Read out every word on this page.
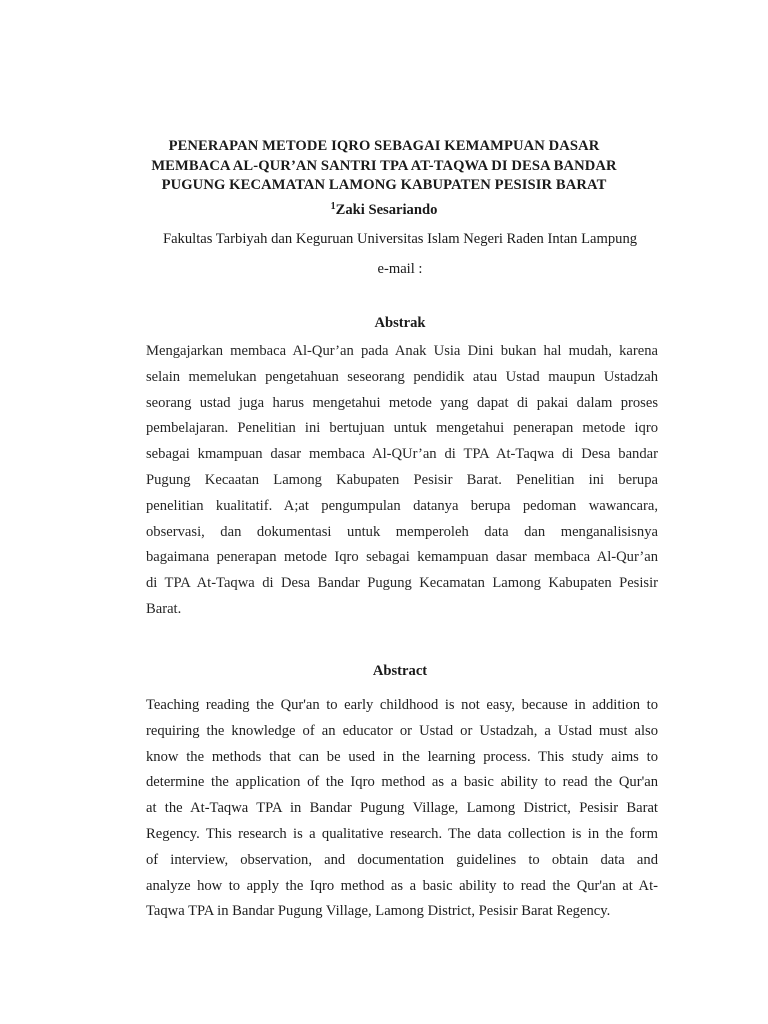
PENERAPAN METODE IQRO SEBAGAI KEMAMPUAN DASAR
MEMBACA AL-QUR’AN SANTRI TPA AT-TAQWA DI DESA BANDAR
PUGUNG KECAMATAN LAMONG KABUPATEN PESISIR BARAT

$^1$Zaki Sesariando

Fakultas Tarbiyah dan Keguruan Universitas Islam Negeri Raden Intan Lampung

e-mail :

Abstrak
Mengajarkan membaca Al-Qur’an pada Anak Usia Dini bukan hal mudah, karena
selain memelukan pengetahuan seseorang pendidik atau Ustad maupun Ustadzah
seorang ustad juga harus mengetahui metode yang dapat di pakai dalam proses
pembelajaran. Penelitian ini bertujuan untuk mengetahui penerapan metode iqro
sebagai kmampuan dasar membaca Al-QUr’an di TPA At-Taqwa di Desa bandar
Pugung Kecaatan Lamong Kabupaten Pesisir Barat. Penelitian ini berupa
penelitian kualitatif. A;at pengumpulan datanya berupa pedoman wawancara,
observasi, dan dokumentasi untuk memperoleh data dan menganalisisnya
bagaimana penerapan metode Iqro sebagai kemampuan dasar membaca Al-Qur’an
di TPA At-Taqwa di Desa Bandar Pugung Kecamatan Lamong Kabupaten Pesisir
Barat.
Abstract
Teaching reading the Qur'an to early childhood is not easy, because in addition to
requiring the knowledge of an educator or Ustad or Ustadzah, a Ustad must also
know the methods that can be used in the learning process. This study aims to
determine the application of the Iqro method as a basic ability to read the Qur'an
at the At-Taqwa TPA in Bandar Pugung Village, Lamong District, Pesisir Barat
Regency. This research is a qualitative research. The data collection is in the form
of interview, observation, and documentation guidelines to obtain data and
analyze how to apply the Iqro method as a basic ability to read the Qur'an at At-
Taqwa TPA in Bandar Pugung Village, Lamong District, Pesisir Barat Regency.
